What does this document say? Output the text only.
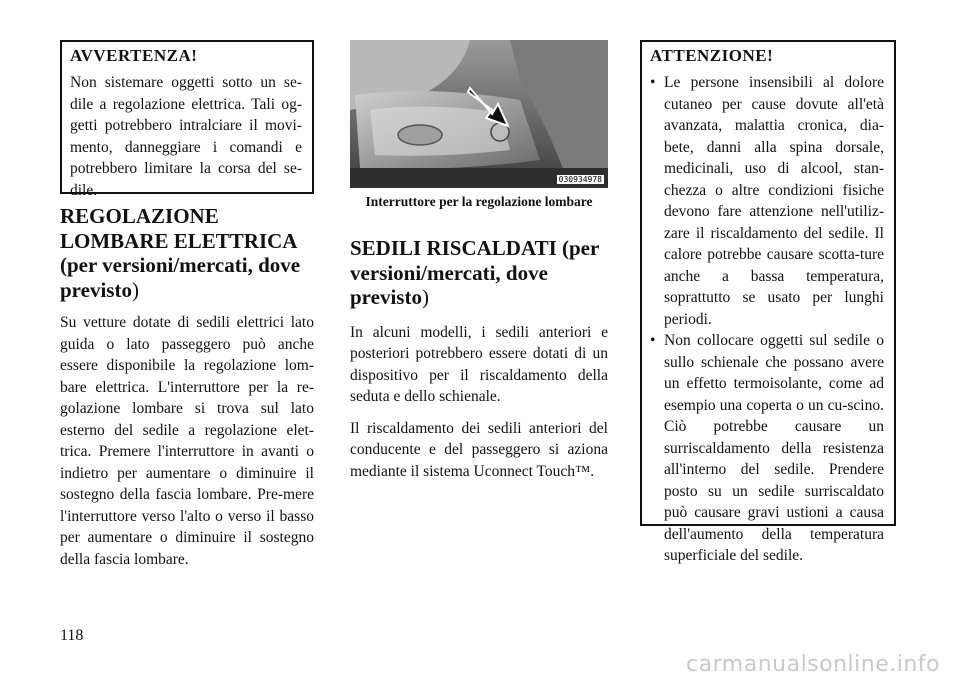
AVVERTENZA!
Non sistemare oggetti sotto un se-dile a regolazione elettrica. Tali og-getti potrebbero intralciare il movi-mento, danneggiare i comandi e potrebbero limitare la corsa del se-dile.
REGOLAZIONE LOMBARE ELETTRICA (per versioni/mercati, dove previsto)

Su vetture dotate di sedili elettrici lato guida o lato passeggero può anche essere disponibile la regolazione lom-bare elettrica. L'interruttore per la re-golazione lombare si trova sul lato esterno del sedile a regolazione elet-trica. Premere l'interruttore in avanti o indietro per aumentare o diminuire il sostegno della fascia lombare. Pre-mere l'interruttore verso l'alto o verso il basso per aumentare o diminuire il sostegno della fascia lombare.

030934978
Interruttore per la regolazione lombare
SEDILI RISCALDATI (per versioni/mercati, dove previsto)

In alcuni modelli, i sedili anteriori e posteriori potrebbero essere dotati di un dispositivo per il riscaldamento della seduta e dello schienale.

Il riscaldamento dei sedili anteriori del conducente e del passeggero si aziona mediante il sistema Uconnect Touch™.

ATTENZIONE!
• Le persone insensibili al dolore cutaneo per cause dovute all'età avanzata, malattia cronica, dia-bete, danni alla spina dorsale, medicinali, uso di alcool, stan-chezza o altre condizioni fisiche devono fare attenzione nell'utiliz-zare il riscaldamento del sedile. Il calore potrebbe causare scotta-ture anche a bassa temperatura, soprattutto se usato per lunghi periodi.
• Non collocare oggetti sul sedile o sullo schienale che possano avere un effetto termoisolante, come ad esempio una coperta o un cu-scino. Ciò potrebbe causare un surriscaldamento della resistenza all'interno del sedile. Prendere posto su un sedile surriscaldato può causare gravi ustioni a causa dell'aumento della temperatura superficiale del sedile.
118
carmanualsonline.info
